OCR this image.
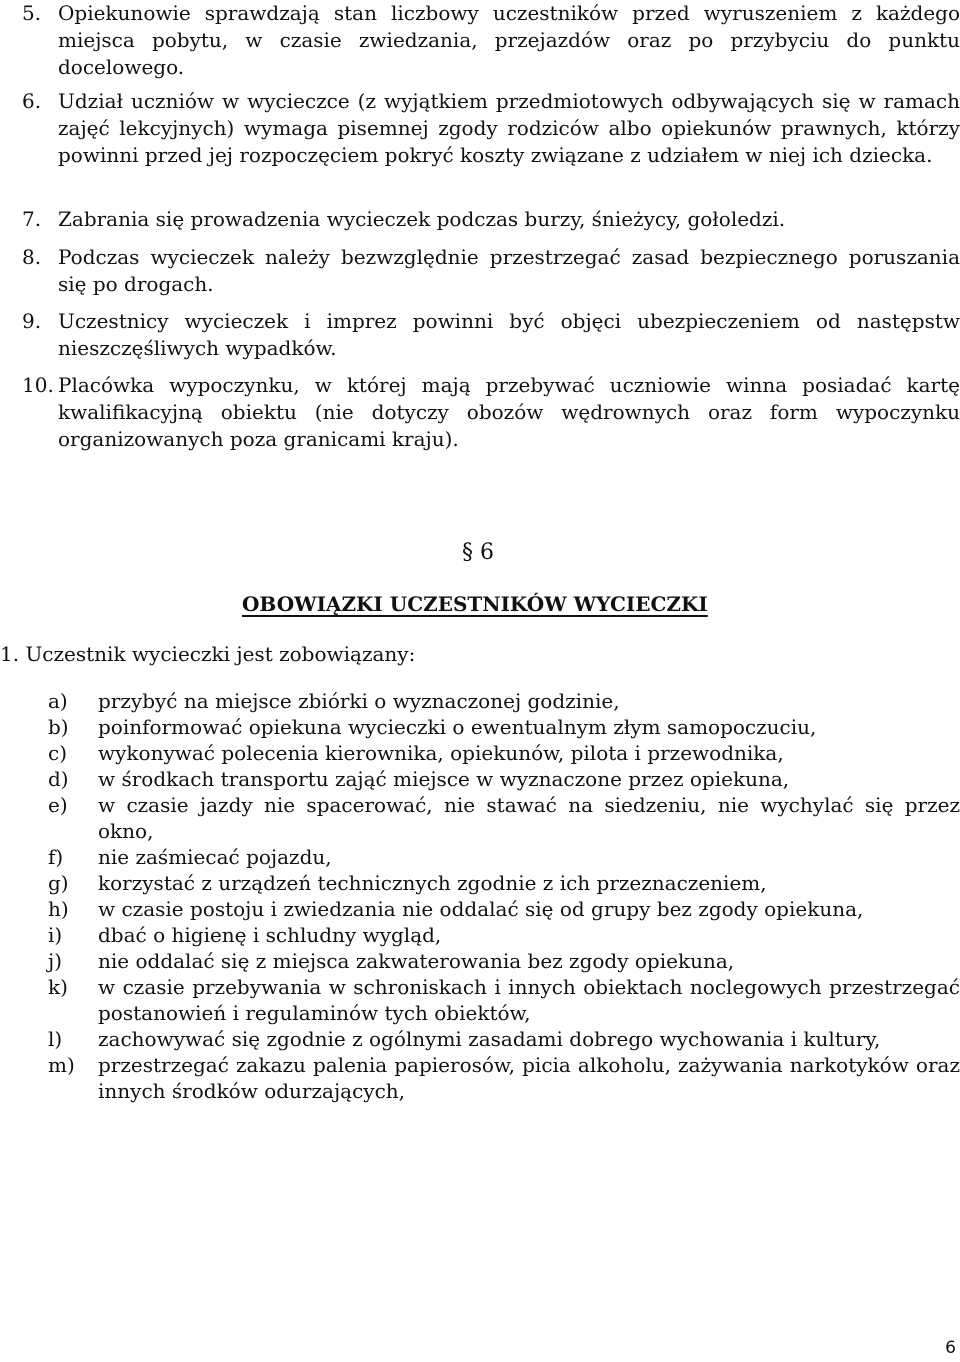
5. Opiekunowie sprawdzają stan liczbowy uczestników przed wyruszeniem z każdego miejsca pobytu, w czasie zwiedzania, przejazdów oraz po przybyciu do punktu docelowego.
6. Udział uczniów w wycieczce (z wyjątkiem przedmiotowych odbywających się w ramach zajęć lekcyjnych) wymaga pisemnej zgody rodziców albo opiekunów prawnych, którzy powinni przed jej rozpoczęciem pokryć koszty związane z udziałem w niej ich dziecka.
7. Zabrania się prowadzenia wycieczek podczas burzy, śnieżycy, gołoledzi.
8. Podczas wycieczek należy bezwzględnie przestrzegać zasad bezpiecznego poruszania się po drogach.
9. Uczestnicy wycieczek i imprez powinni być objęci ubezpieczeniem od następstw nieszczęśliwych wypadków.
10. Placówka wypoczynku, w której mają przebywać uczniowie winna posiadać kartę kwalifikacyjną obiektu (nie dotyczy obozów wędrownych oraz form wypoczynku organizowanych poza granicami kraju).
§ 6
OBOWIĄZKI UCZESTNIKÓW WYCIECZKI
1. Uczestnik wycieczki jest zobowiązany:
a) przybyć na miejsce zbiórki o wyznaczonej godzinie,
b) poinformować opiekuna wycieczki o ewentualnym złym samopoczuciu,
c) wykonywać polecenia kierownika, opiekunów, pilota i przewodnika,
d) w środkach transportu zająć miejsce w wyznaczone przez opiekuna,
e) w czasie jazdy nie spacerować, nie stawać na siedzeniu, nie wychylać się przez okno,
f) nie zaśmiecać pojazdu,
g) korzystać z urządzeń technicznych zgodnie z ich przeznaczeniem,
h) w czasie postoju i zwiedzania nie oddalać się od grupy bez zgody opiekuna,
i) dbać o higienę i schludny wygląd,
j) nie oddalać się z miejsca zakwaterowania bez zgody opiekuna,
k) w czasie przebywania w schroniskach i innych obiektach noclegowych przestrzegać postanowień i regulaminów tych obiektów,
l) zachowywać się zgodnie z ogólnymi zasadami dobrego wychowania i kultury,
m) przestrzegać zakazu palenia papierosów, picia alkoholu, zażywania narkotyków oraz innych środków odurzających,
6
